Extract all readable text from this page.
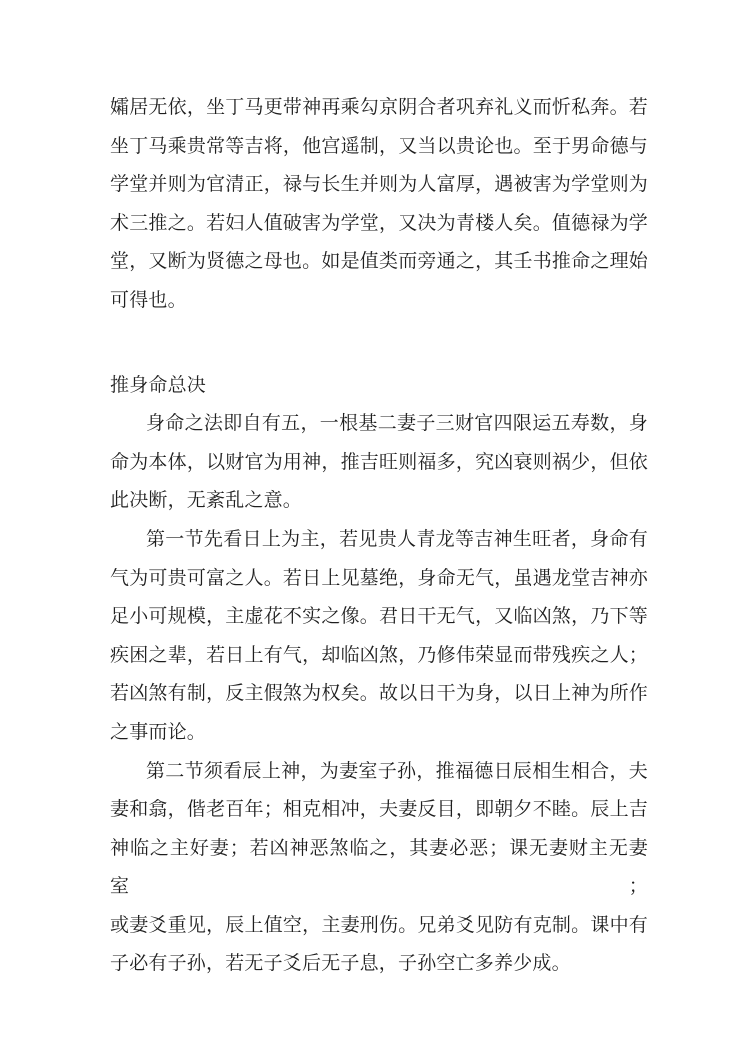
孀居无依，坐丁马更带神再乘勾京阴合者巩弃礼义而忻私奔。若
坐丁马乘贵常等吉将，他宫遥制，又当以贵论也。至于男命德与
学堂并则为官清正，禄与长生并则为人富厚，遇被害为学堂则为
术三推之。若妇人值破害为学堂，又决为青楼人矣。值德禄为学
堂，又断为贤德之母也。如是值类而旁通之，其壬书推命之理始
可得也。
推身命总决
身命之法即自有五，一根基二妻子三财官四限运五寿数，身
命为本体，以财官为用神，推吉旺则福多，究凶衰则祸少，但依
此决断，无紊乱之意。
第一节先看日上为主，若见贵人青龙等吉神生旺者，身命有
气为可贵可富之人。若日上见墓绝，身命无气，虽遇龙堂吉神亦
足小可规模，主虚花不实之像。君日干无气，又临凶煞，乃下等
疾困之辈，若日上有气，却临凶煞，乃修伟荣显而带残疾之人；
若凶煞有制，反主假煞为权矣。故以日干为身，以日上神为所作
之事而论。
第二节须看辰上神，为妻室子孙，推福德日辰相生相合，夫
妻和翕，偕老百年；相克相冲，夫妻反目，即朝夕不睦。辰上吉
神临之主好妻；若凶神恶煞临之，其妻必恶；课无妻财主无妻室；
或妻爻重见，辰上值空，主妻刑伤。兄弟爻见防有克制。课中有
子必有子孙，若无子爻后无子息，子孙空亡多养少成。
